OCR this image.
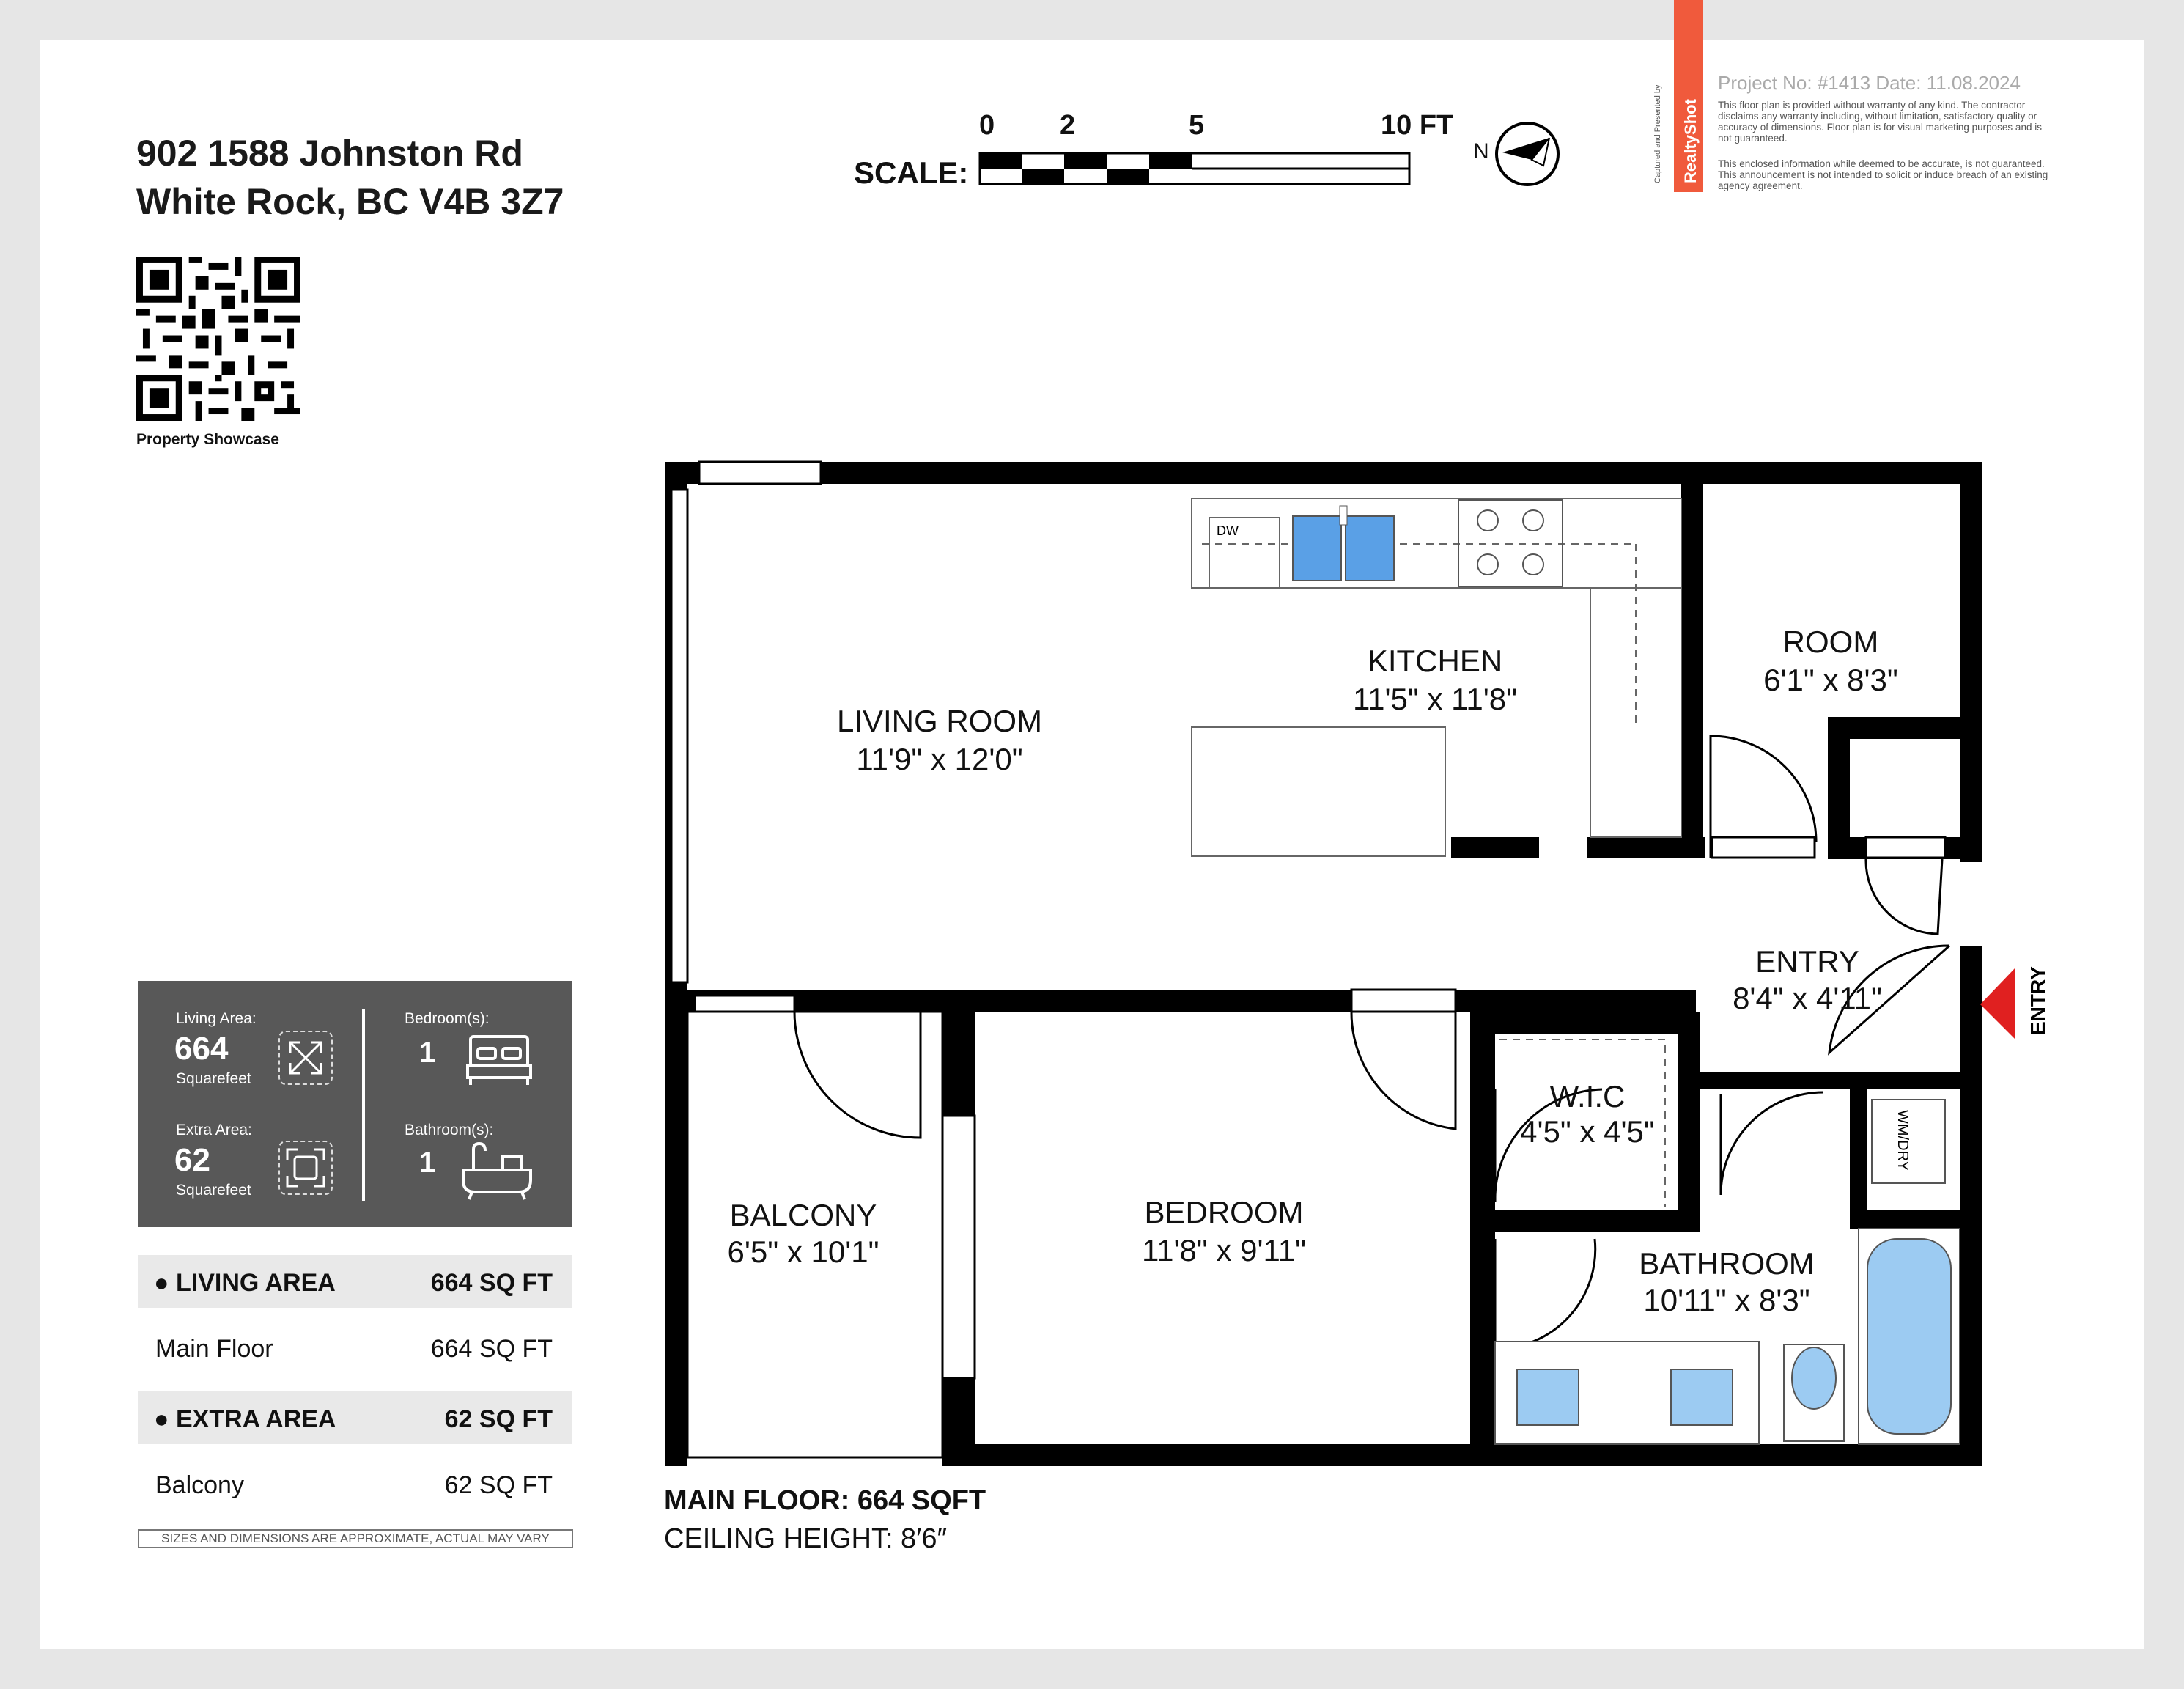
902 1588 Johnston Rd
White Rock, BC V4B 3Z7
Property Showcase
SCALE:
0 2	5	10 FT
N	RealtyShot
Captured and Presented by
Project No: #1413 Date: 11.08.2024
This floor plan is provided without warranty of any kind. The contractor disclaims any warranty including, without limitation, satisfactory quality or accuracy of dimensions. Floor plan is for visual marketing purposes and is not guaranteed.
This enclosed information while deemed to be accurate, is not guaranteed. This announcement is not intended to solicit or induce breach of an existing agency agreement.
Living Area:
664
Squarefeet
Extra Area:
62
Squarefeet
Bedroom(s):
1
Bathroom(s):
1
● LIVING AREA	664 SQ FT
Main Floor	664 SQ FT
● EXTRA AREA	62 SQ FT
Balcony	62 SQ FT
SIZES AND DIMENSIONS ARE APPROXIMATE, ACTUAL MAY VARY
MAIN FLOOR: 664 SQFT
CEILING HEIGHT: 8′6″
DW
WM/DRY
ENTRY
LIVING ROOM
11'9" x 12'0"
KITCHEN
11'5" x 11'8"
ROOM
6'1" x 8'3"
ENTRY
8'4" x 4'11"
W.I.C
4'5" x 4'5"
BALCONY
6'5" x 10'1"
BEDROOM
11'8" x 9'11"	BATHROOM
10'11" x 8'3"
